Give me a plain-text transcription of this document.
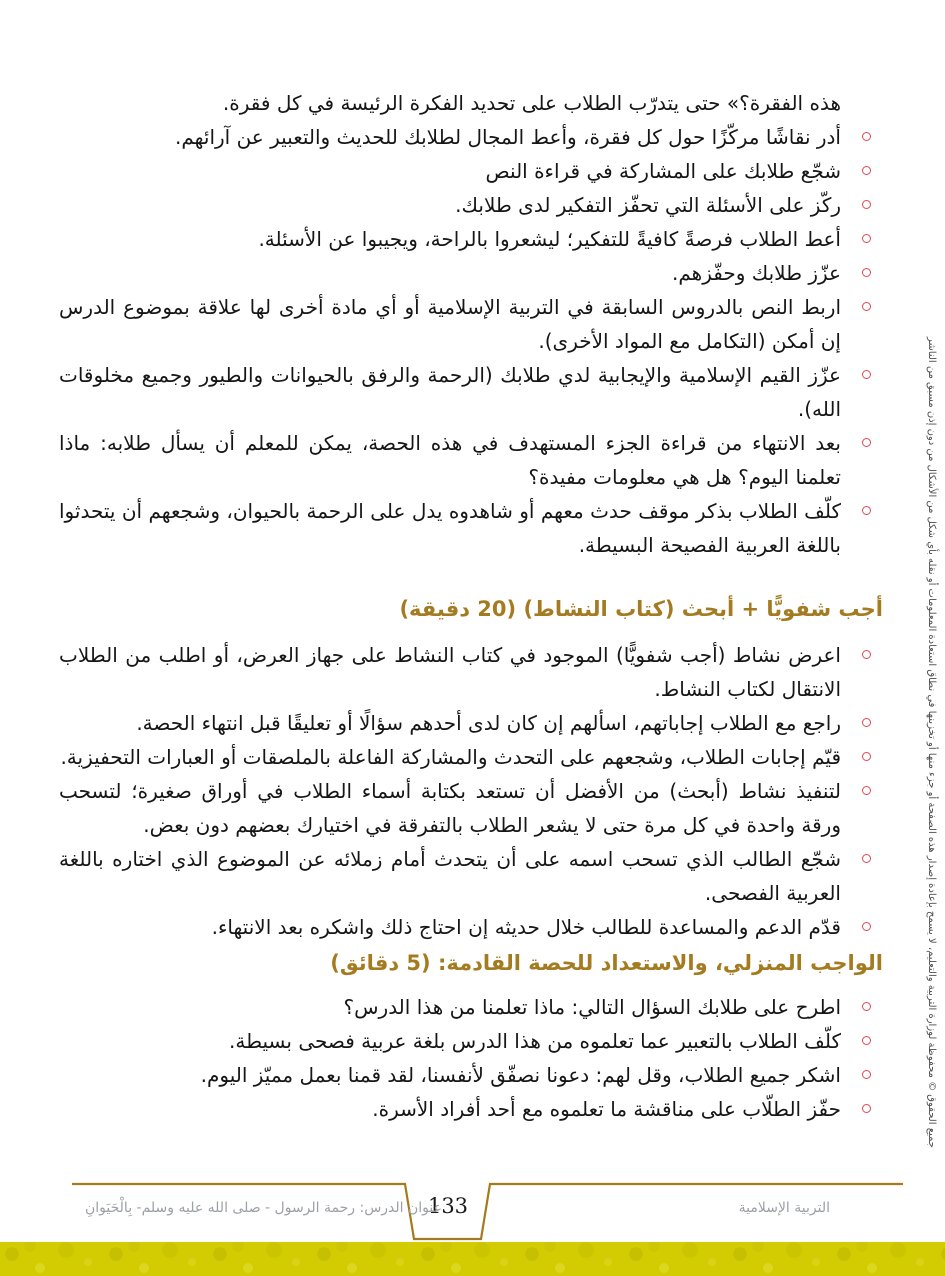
هذه الفقرة؟» حتى يتدرّب الطلاب على تحديد الفكرة الرئيسة في كل فقرة.

أدر نقاشًا مركّزًا حول كل فقرة، وأعط المجال لطلابك للحديث والتعبير عن آرائهم.
شجّع طلابك على المشاركة في قراءة النص
ركّز على الأسئلة التي تحفّز التفكير لدى طلابك.
أعط الطلاب فرصةً كافيةً للتفكير؛ ليشعروا بالراحة، ويجيبوا عن الأسئلة.
عزّز طلابك وحفّزهم.
اربط النص بالدروس السابقة في التربية الإسلامية أو أي مادة أخرى لها علاقة بموضوع الدرس إن أمكن (التكامل مع المواد الأخرى).
عزّز القيم الإسلامية والإيجابية لدي طلابك (الرحمة والرفق بالحيوانات والطيور وجميع مخلوقات الله).
بعد الانتهاء من قراءة الجزء المستهدف في هذه الحصة، يمكن للمعلم أن يسأل طلابه: ماذا تعلمنا اليوم؟ هل هي معلومات مفيدة؟
كلّف الطلاب بذكر موقف حدث معهم أو شاهدوه يدل على الرحمة بالحيوان، وشجعهم أن يتحدثوا باللغة العربية الفصيحة البسيطة.
أجب شفويًّا + أبحث (كتاب النشاط) (20 دقيقة)
اعرض نشاط (أجب شفويًّا) الموجود في كتاب النشاط على جهاز العرض، أو اطلب من الطلاب الانتقال لكتاب النشاط.
راجع مع الطلاب إجاباتهم، اسألهم إن كان لدى أحدهم سؤالًا أو تعليقًا قبل انتهاء الحصة.
قيّم إجابات الطلاب، وشجعهم على التحدث والمشاركة الفاعلة بالملصقات أو العبارات التحفيزية.
لتنفيذ نشاط (أبحث) من الأفضل أن تستعد بكتابة أسماء الطلاب في أوراق صغيرة؛ لتسحب ورقة واحدة في كل مرة حتى لا يشعر الطلاب بالتفرقة في اختيارك بعضهم دون بعض.
شجّع الطالب الذي تسحب اسمه على أن يتحدث أمام زملائه عن الموضوع الذي اختاره باللغة العربية الفصحى.
قدّم الدعم والمساعدة للطالب خلال حديثه إن احتاج ذلك واشكره بعد الانتهاء.
الواجب المنزلي، والاستعداد للحصة القادمة: (5 دقائق)
اطرح على طلابك السؤال التالي: ماذا تعلمنا من هذا الدرس؟
كلّف الطلاب بالتعبير عما تعلموه من هذا الدرس بلغة عربية فصحى بسيطة.
اشكر جميع الطلاب، وقل لهم: دعونا نصفّق لأنفسنا، لقد قمنا بعمل مميّز اليوم.
حفّز الطلّاب على مناقشة ما تعلموه مع أحد أفراد الأسرة.	جميع الحقوق © محفوظة لوزارة التربية والتعليم، لا يسمح بإعادة إصدار هذه الصفحة أو جزء منها أو تخزينها في نطاق استعادة المعلومات أو نقله بأي شكل من الأشكال من دون إذن مسبق من الناشر
133
عنوان الدرس: رحمة الرسول - صلى الله عليه وسلم- بِالْحَيَوانِ	التربية الإسلامية
